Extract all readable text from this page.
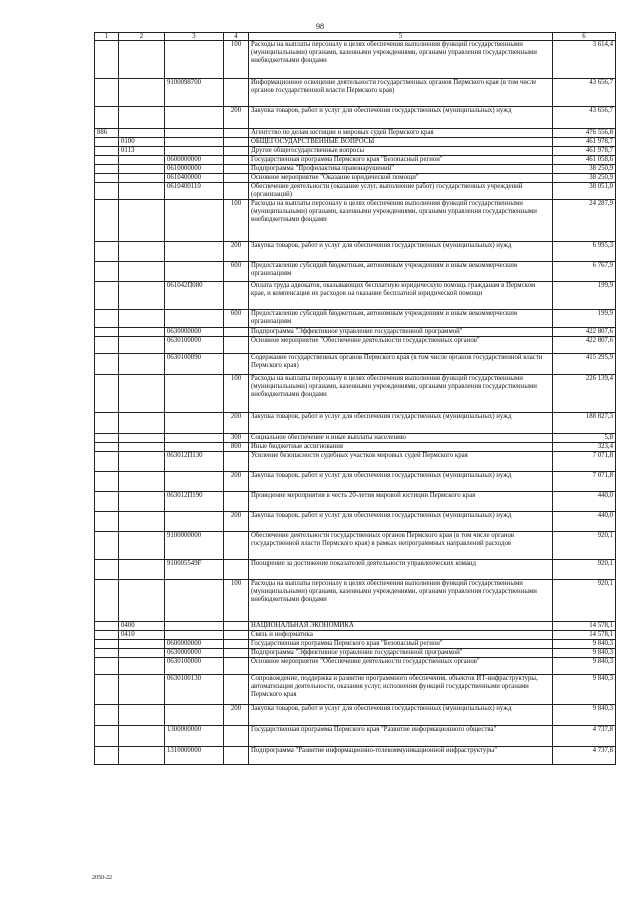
98
1	2	3	4	5	6
			100	Расходы на выплаты персоналу в целях обеспечения выполнения функций государственными (муниципальными) органами, казенными учреждениями, органами управления государственными внебюджетными фондами	3 614,4
		9100098700		Информационное освещение деятельности государственных органов Пермского края (в том числе органов государственной власти Пермского края)	43 656,7
			200	Закупка товаров, работ и услуг для обеспечения государственных (муниципальных) нужд	43 656,7
886				Агентство по делам юстиции и мировых судей Пермского края	476 556,8
	0100			ОБЩЕГОСУДАРСТВЕННЫЕ ВОПРОСЫ	461 978,7
	0113			Другие общегосударственные вопросы	461 978,7
		0600000000		Государственная программа Пермского края "Безопасный регион"	461 058,6
		0610000000		Подпрограмма "Профилактика правонарушений"	38 250,9
		0610400000		Основное мероприятие "Оказание юридической помощи"	38 250,9
		0610400110		Обеспечение деятельности (оказание услуг, выполнение работ) государственных учреждений (организаций)	38 051,0
			100	Расходы на выплаты персоналу в целях обеспечения выполнения функций государственными (муниципальными) органами, казенными учреждениями, органами управления государственными внебюджетными фондами	24 287,9
			200	Закупка товаров, работ и услуг для обеспечения государственных (муниципальных) нужд	6 995,3
			600	Предоставление субсидий бюджетным, автономным учреждениям и иным некоммерческим организациям	6 767,9
		061042П080		Оплата труда адвокатов, оказывающих бесплатную юридическую помощь гражданам в Пермском крае, и компенсация их расходов на оказание бесплатной юридической помощи	199,9
			600	Предоставление субсидий бюджетным, автономным учреждениям и иным некоммерческим организациям	199,9
		0630000000		Подпрограмма "Эффективное управление государственной программой"	422 807,6
		0630100000		Основное мероприятие "Обеспечение деятельности государственных органов"	422 807,6
		0630100090		Содержание государственных органов Пермского края (в том числе органов государственной власти Пермского края)	415 295,9
			100	Расходы на выплаты персоналу в целях обеспечения выполнения функций государственными (муниципальными) органами, казенными учреждениями, органами управления государственными внебюджетными фондами	226 139,4
			200	Закупка товаров, работ и услуг для обеспечения государственных (муниципальных) нужд	188 827,3
			300	Социальное обеспечение и иные выплаты населению	5,8
			800	Иные бюджетные ассигнования	323,4
		063012П130		Усиление безопасности судебных участков мировых судей Пермского края	7 071,8
			200	Закупка товаров, работ и услуг для обеспечения государственных (муниципальных) нужд	7 071,8
		063012П190		Проведение мероприятия в честь 20-летия мировой юстиции Пермского края	440,0
			200	Закупка товаров, работ и услуг для обеспечения государственных (муниципальных) нужд	440,0
		9100000000		Обеспечение деятельности государственных органов Пермского края (в том числе органов государственной власти Пермского края) в рамках непрограммных направлений расходов	920,1
		910005549F		Поощрение за достижение показателей деятельности управленческих команд	920,1
			100	Расходы на выплаты персоналу в целях обеспечения выполнения функций государственными (муниципальными) органами, казенными учреждениями, органами управления государственными внебюджетными фондами	920,1
	0400			НАЦИОНАЛЬНАЯ ЭКОНОМИКА	14 578,1
	0410			Связь и информатика	14 578,1
		0600000000		Государственная программа Пермского края "Безопасный регион"	9 840,3
		0630000000		Подпрограмма "Эффективное управление государственной программой"	9 840,3
		0630100000		Основное мероприятие "Обеспечение деятельности государственных органов"	9 840,3
		0630100130		Сопровождение, поддержка и развитие программного обеспечения, объектов ИТ-инфраструктуры, автоматизация деятельности, оказания услуг, исполнения функций государственными органами Пермского края	9 840,3
			200	Закупка товаров, работ и услуг для обеспечения государственных (муниципальных) нужд	9 840,3
		1300000000		Государственная программа Пермского края "Развитие информационного общества"	4 737,8
		1310000000		Подпрограмма "Развитие информационно-телекоммуникационной инфраструктуры"	4 737,8
2050-22
